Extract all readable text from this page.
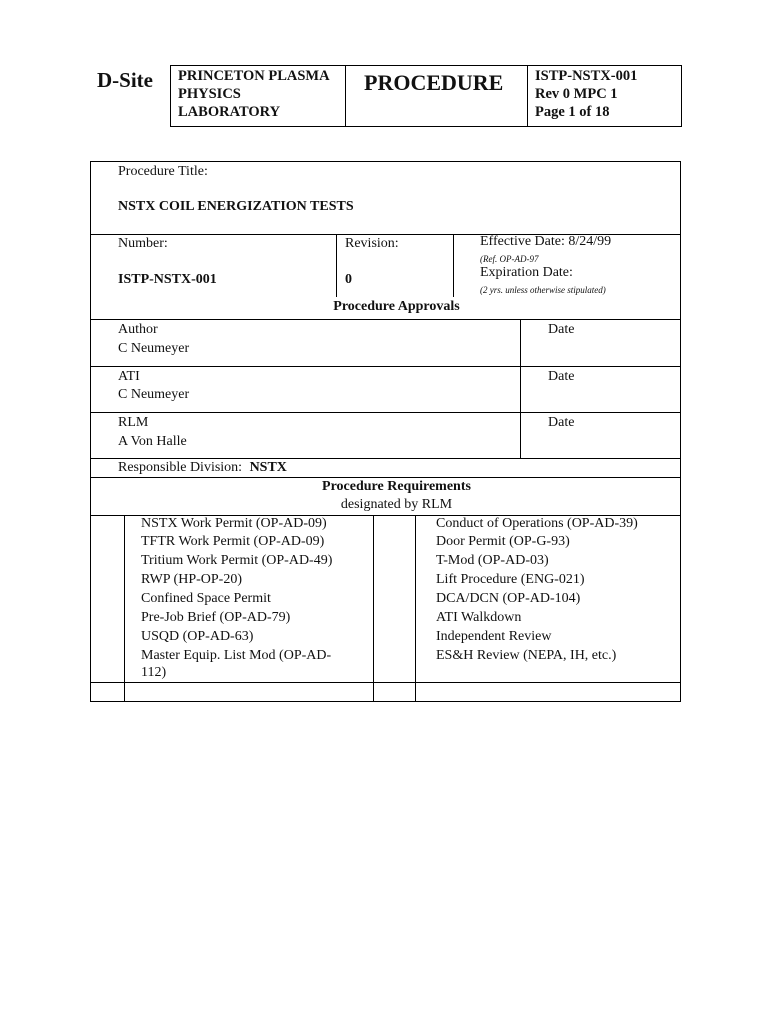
D-Site PRINCETON PLASMA
PHYSICS
LABORATORY
PROCEDURE ISTP-NSTX-001
Rev 0 MPC 1
Page 1 of 18
Procedure Title:
NSTX COIL ENERGIZATION TESTS
Number:
ISTP-NSTX-001
Revision:
0
Effective Date: 8/24/99
(Ref. OP-AD-97
Expiration Date:
(2 yrs. unless otherwise stipulated)
Procedure Approvals
Author
C Neumeyer
Date
ATI
C Neumeyer
Date
RLM
A Von Halle
Date
Responsible Division: NSTX
Procedure Requirements
designated by RLM
NSTX Work Permit (OP-AD-09)
TFTR Work Permit (OP-AD-09)
Tritium Work Permit (OP-AD-49)
RWP (HP-OP-20)
Confined Space Permit
Pre-Job Brief (OP-AD-79)
USQD (OP-AD-63)
Master Equip. List Mod (OP-AD-
112)
Conduct of Operations (OP-AD-39)
Door Permit (OP-G-93)
T-Mod (OP-AD-03)
Lift Procedure (ENG-021)
DCA/DCN (OP-AD-104)
ATI Walkdown
Independent Review
ES&H Review (NEPA, IH, etc.)
